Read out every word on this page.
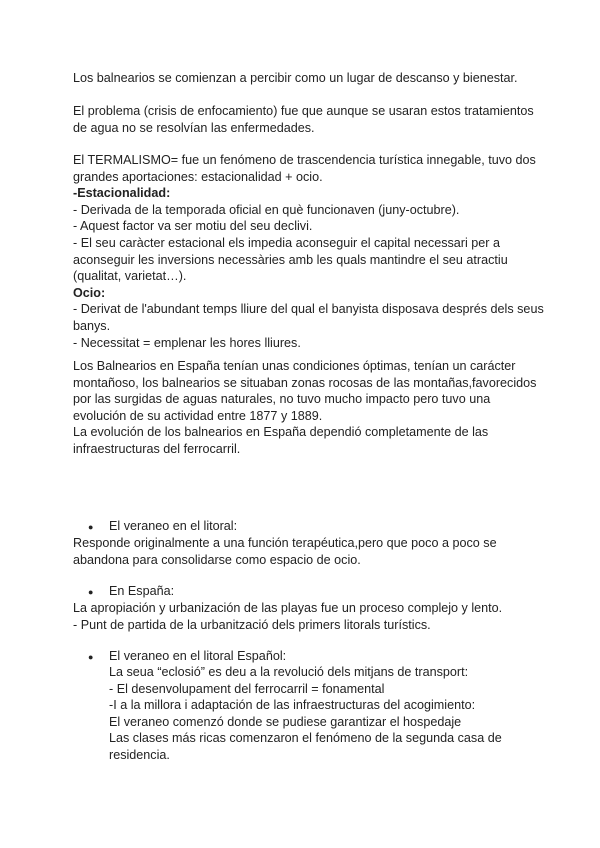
Los balnearios se comienzan a percibir como un lugar de descanso y bienestar.

El problema (crisis de enfocamiento) fue que aunque se usaran estos tratamientos

de agua no se resolvían las enfermedades.

El TERMALISMO= fue un fenómeno de trascendencia turística innegable, tuvo dos

grandes aportaciones: estacionalidad + ocio.

-Estacionalidad:

- Derivada de la temporada oficial en què funcionaven (juny-octubre).

- Aquest factor va ser motiu del seu declivi.

- El seu caràcter estacional els impedia aconseguir el capital necessari per a

aconseguir les inversions necessàries amb les quals mantindre el seu atractiu

(qualitat, varietat…).

Ocio:

- Derivat de l'abundant temps lliure del qual el banyista disposava després dels seus

banys.

- Necessitat = emplenar les hores lliures.

Los Balnearios en España tenían unas condiciones óptimas, tenían un carácter

montañoso, los balnearios se situaban zonas rocosas de las montañas,favorecidos

por las surgidas de aguas naturales, no tuvo mucho impacto pero tuvo una

evolución de su actividad entre 1877 y 1889.

La evolución de los balnearios en España dependió completamente de las

infraestructuras del ferrocarril.

● El veraneo en el litoral:

Responde originalmente a una función terapéutica,pero que poco a poco se

abandona para consolidarse como espacio de ocio.

● En España:

La apropiación y urbanización de las playas fue un proceso complejo y lento.

- Punt de partida de la urbanització dels primers litorals turístics.

● El veraneo en el litoral Español:

La seua “eclosió” es deu a la revolució dels mitjans de transport:

- El desenvolupament del ferrocarril = fonamental

-I a la millora i adaptación de las infraestructuras del acogimiento:

El veraneo comenzó donde se pudiese garantizar el hospedaje

Las clases más ricas comenzaron el fenómeno de la segunda casa de

residencia.
